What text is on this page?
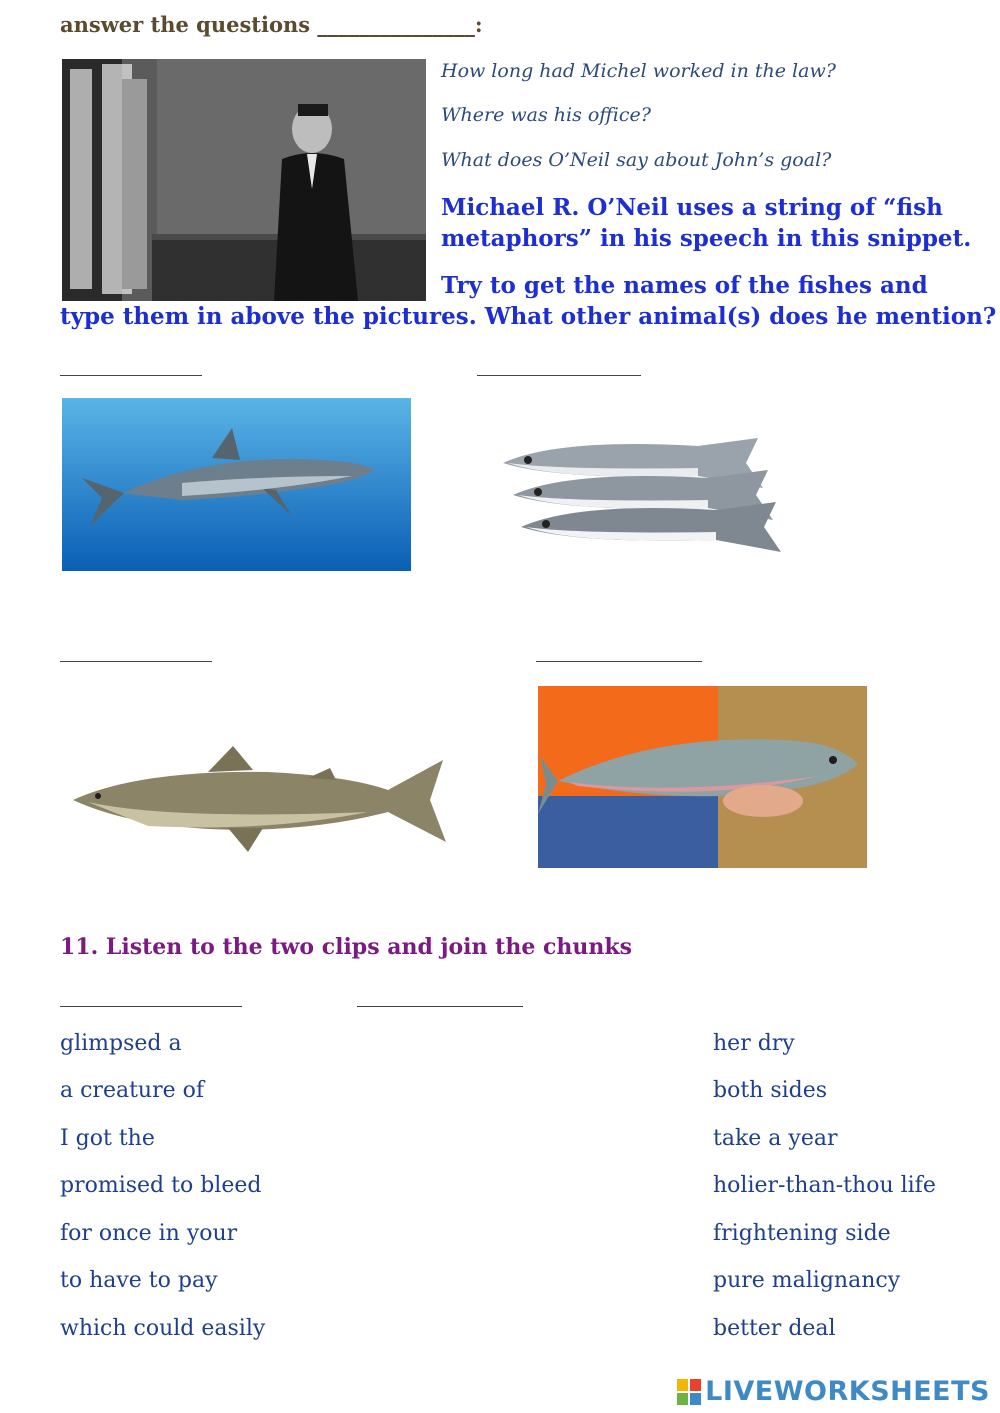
answer the questions _______________:
How long had Michel worked in the law?
Where was his office?
What does O’Neil say about John’s goal?
Michael R. O’Neil uses a string of “fish
metaphors” in his speech in this snippet.
Try to get the names of the fishes and
type them in above the pictures. What other animal(s) does he mention?
11. Listen to the two clips and join the chunks
glimpsed a
a creature of
I got the
promised to bleed
for once in your
to have to pay
which could easily
her dry
both sides
take a year
holier-than-thou life
frightening side
pure malignancy
better deal
LIVEWORKSHEETS
